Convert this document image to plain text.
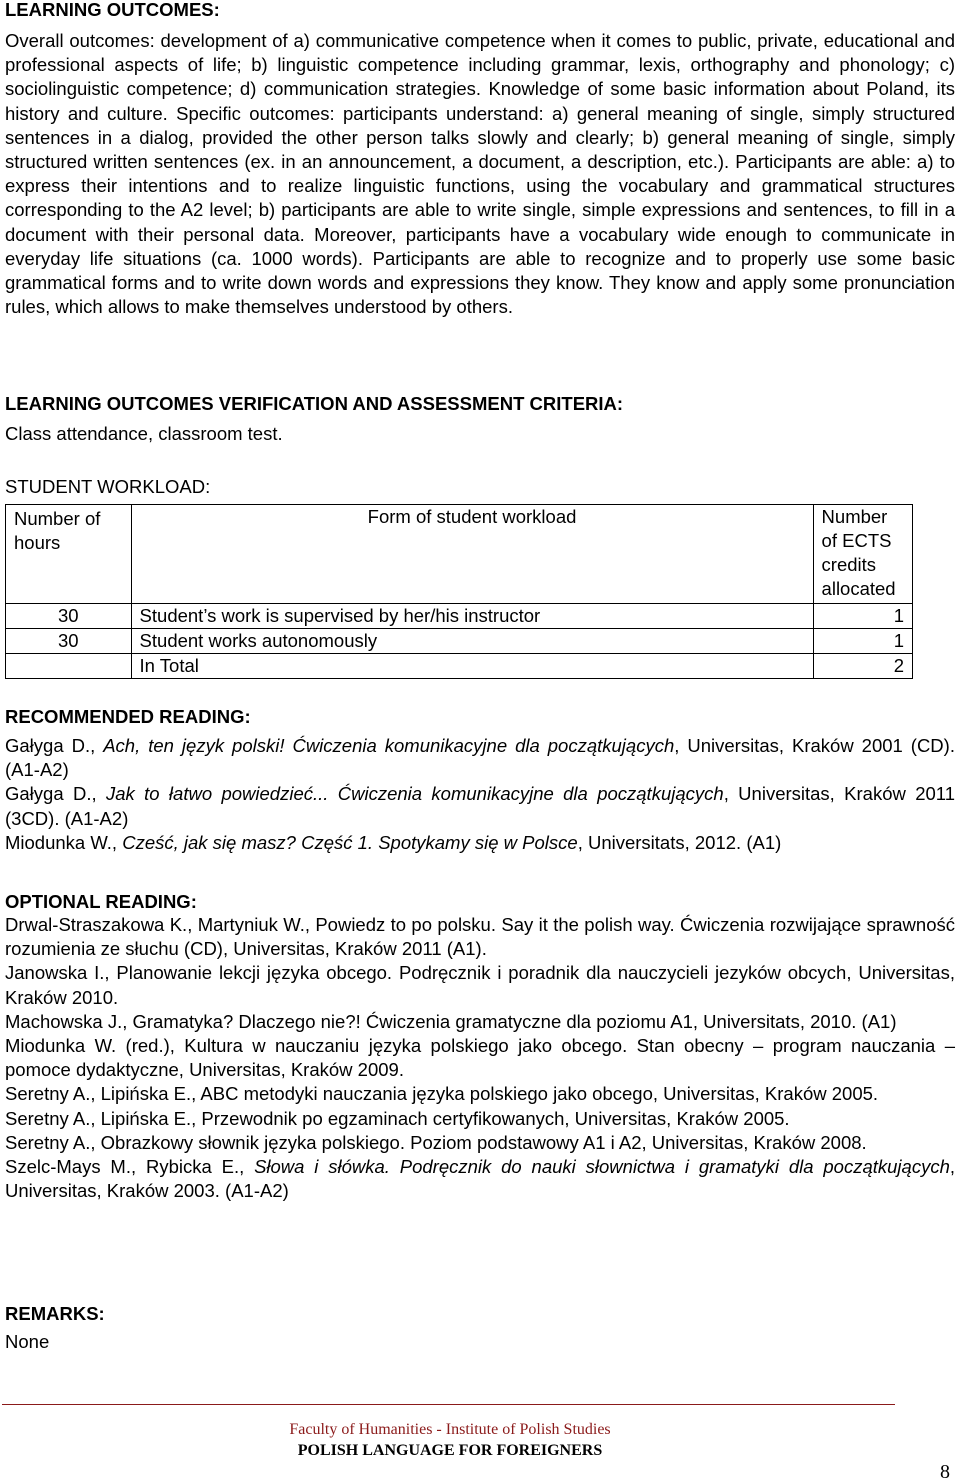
LEARNING OUTCOMES:

Overall outcomes: development of a) communicative competence when it comes to public, private, educational and professional aspects of life; b) linguistic competence including grammar, lexis, orthography and phonology; c) sociolinguistic competence; d) communication strategies. Knowledge of some basic information about Poland, its history and culture. Specific outcomes: participants understand: a) general meaning of single, simply structured sentences in a dialog, provided the other person talks slowly and clearly; b) general meaning of single, simply structured written sentences (ex. in an announcement, a document, a description, etc.). Participants are able: a) to express their intentions and to realize linguistic functions, using the vocabulary and grammatical structures corresponding to the A2 level; b) participants are able to write single, simple expressions and sentences, to fill in a document with their personal data. Moreover, participants have a vocabulary wide enough to communicate in everyday life situations (ca. 1000 words). Participants are able to recognize and to properly use some basic grammatical forms and to write down words and expressions they know. They know and apply some pronunciation rules, which allows to make themselves understood by others.

LEARNING OUTCOMES VERIFICATION AND ASSESSMENT CRITERIA:

Class attendance, classroom test.

STUDENT WORKLOAD:
Number of hours	Form of student workload	Number of ECTS credits allocated
30	Student’s work is supervised by her/his instructor	1
30	Student works autonomously	1
	In Total	2
RECOMMENDED READING:

Gałyga D., Ach, ten język polski! Ćwiczenia komunikacyjne dla początkujących, Universitas, Kraków 2001 (CD). (A1-A2)

Gałyga D., Jak to łatwo powiedzieć... Ćwiczenia komunikacyjne dla początkujących, Universitas, Kraków 2011 (3CD). (A1-A2)

Miodunka W., Cześć, jak się masz? Część 1. Spotykamy się w Polsce, Universitats, 2012. (A1)

OPTIONAL READING:

Drwal-Straszakowa K., Martyniuk W., Powiedz to po polsku. Say it the polish way. Ćwiczenia rozwijające sprawność rozumienia ze słuchu (CD), Universitas, Kraków 2011 (A1).

Janowska I., Planowanie lekcji języka obcego. Podręcznik i poradnik dla nauczycieli jezyków obcych, Universitas, Kraków 2010.

Machowska J., Gramatyka? Dlaczego nie?! Ćwiczenia gramatyczne dla poziomu A1, Universitats, 2010. (A1)

Miodunka W. (red.), Kultura w nauczaniu języka polskiego jako obcego. Stan obecny – program nauczania – pomoce dydaktyczne, Universitas, Kraków 2009.

Seretny A., Lipińska E., ABC metodyki nauczania języka polskiego jako obcego, Universitas, Kraków 2005.

Seretny A., Lipińska E., Przewodnik po egzaminach certyfikowanych, Universitas, Kraków 2005.

Seretny A., Obrazkowy słownik języka polskiego. Poziom podstawowy A1 i A2, Universitas, Kraków 2008.

Szelc-Mays M., Rybicka E., Słowa i słówka. Podręcznik do nauki słownictwa i gramatyki dla początkujących, Universitas, Kraków 2003. (A1-A2)

REMARKS:

None

Faculty of Humanities - Institute of Polish Studies
POLISH LANGUAGE FOR FOREIGNERS
8
